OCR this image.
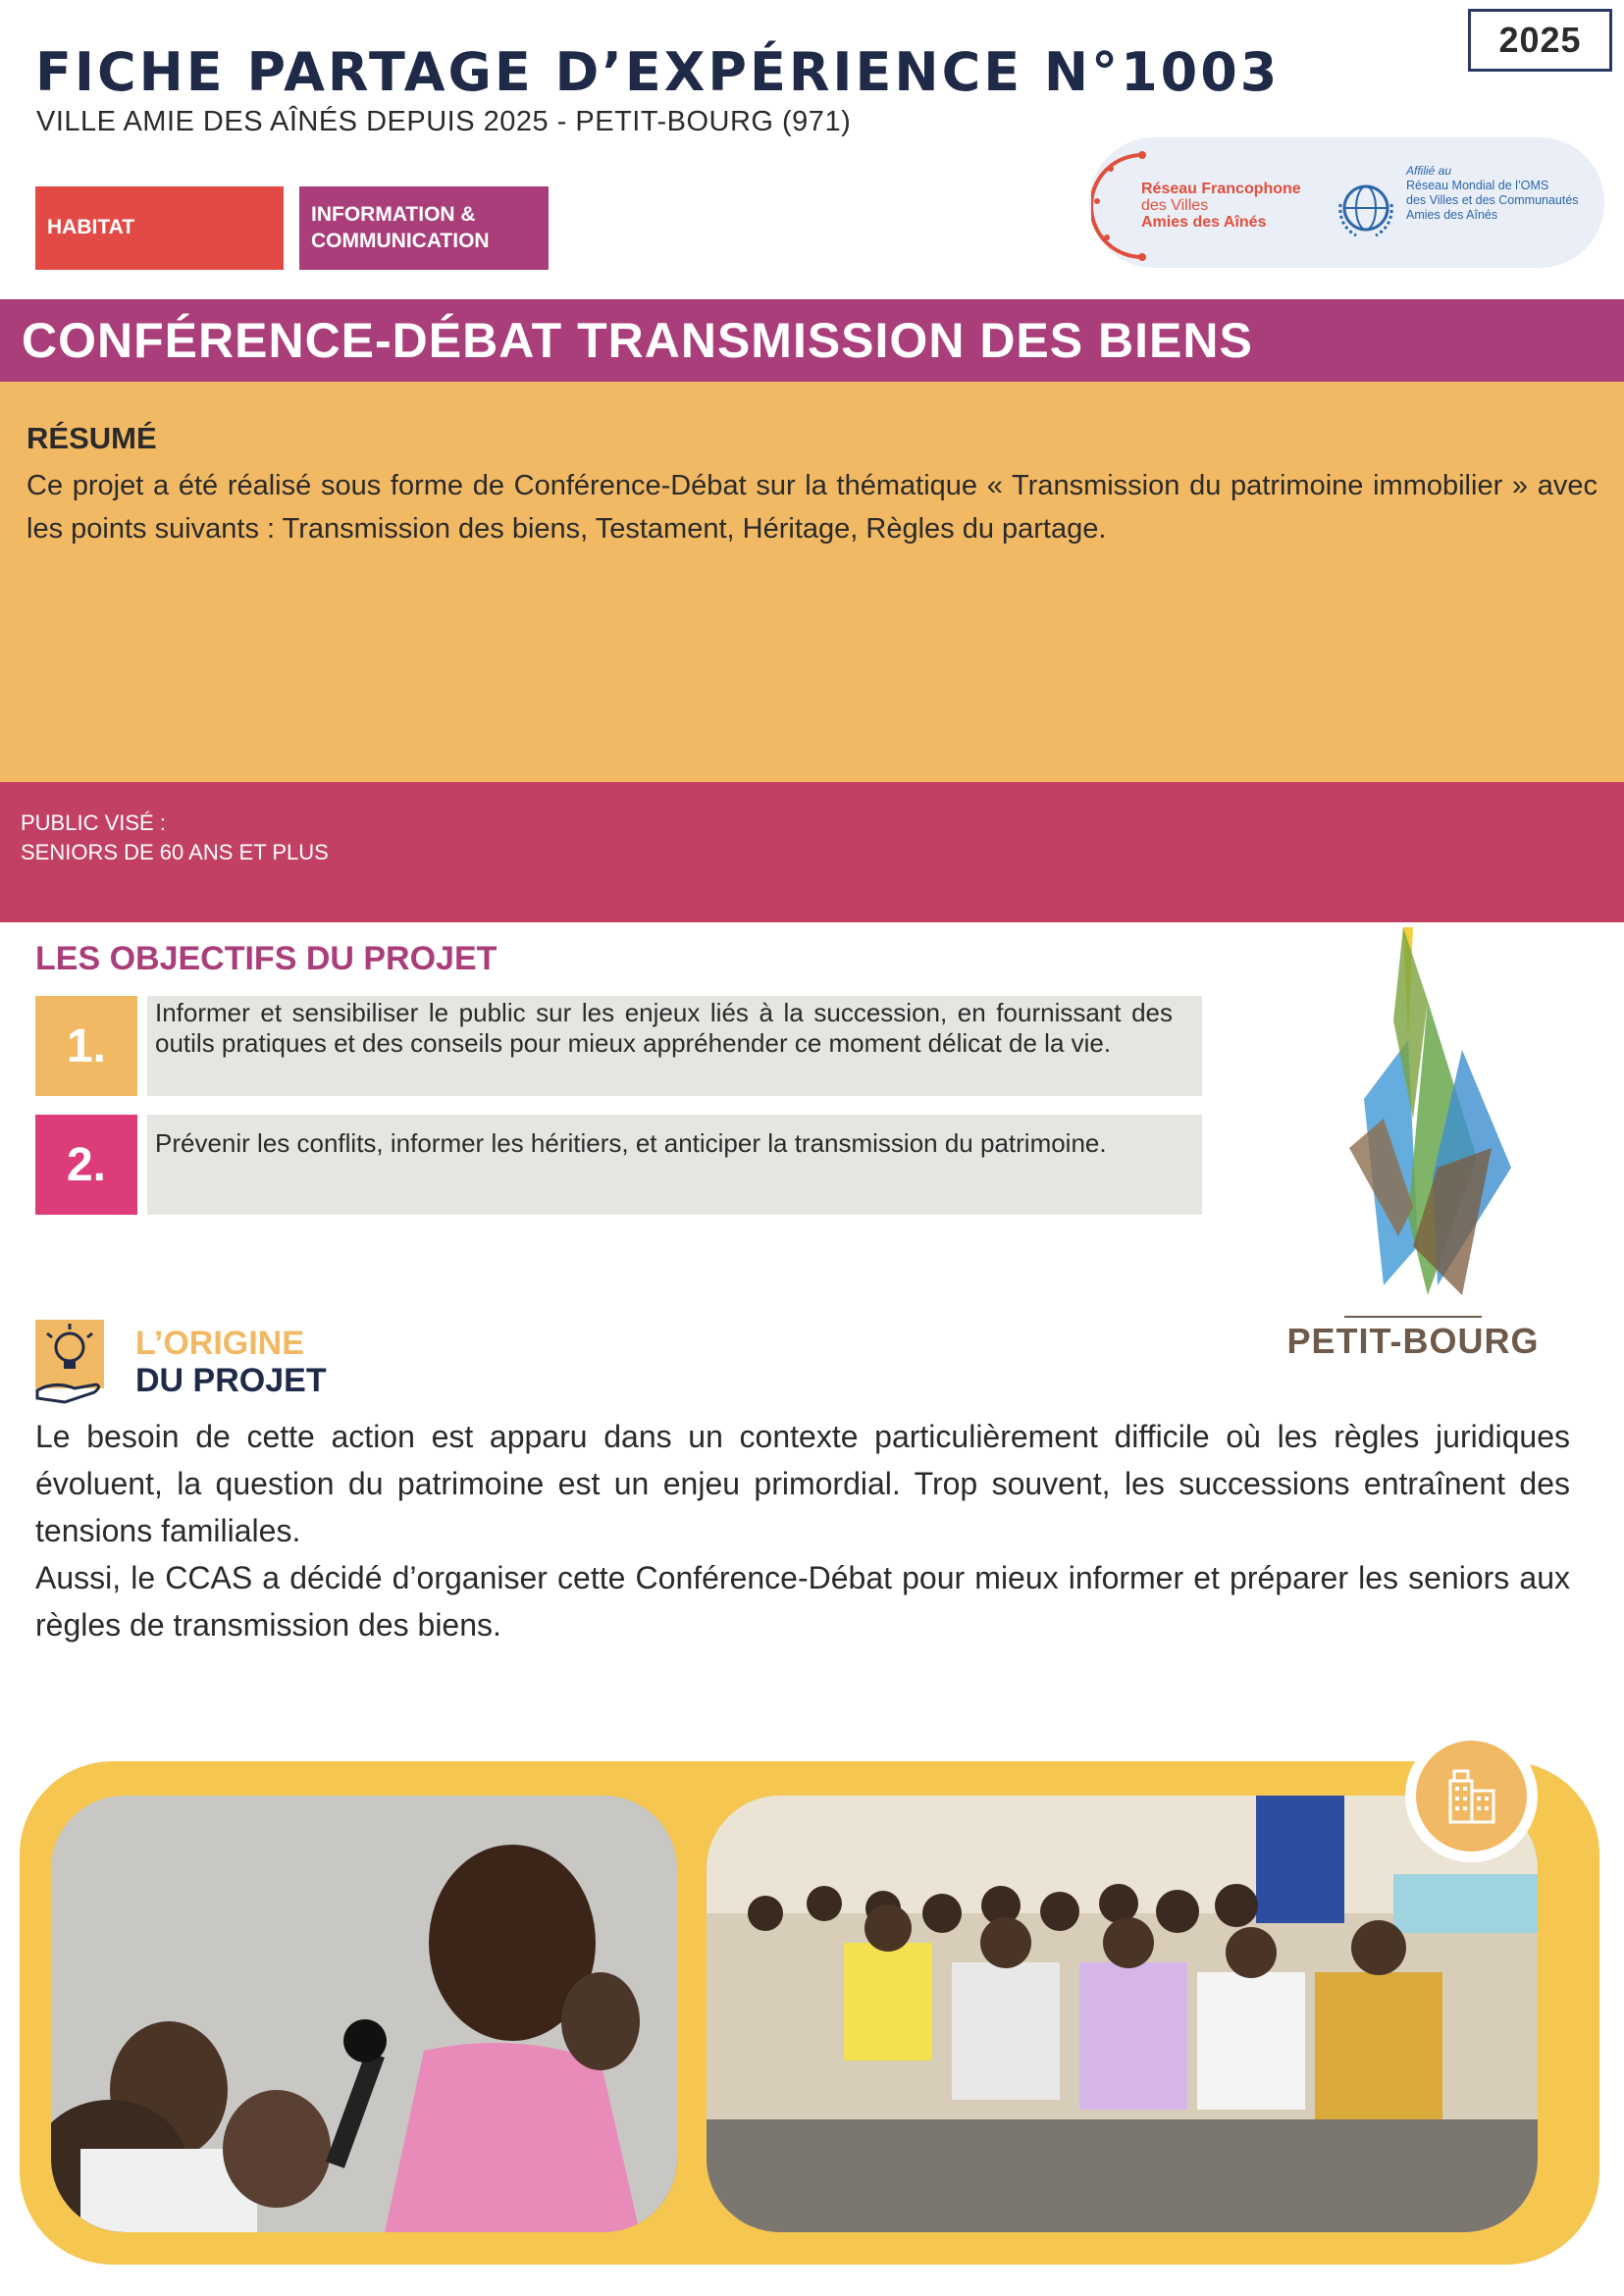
2025
FICHE PARTAGE D’EXPÉRIENCE N°1003
VILLE AMIE DES AÎNÉS DEPUIS 2025 - PETIT-BOURG (971)
HABITAT
INFORMATION &
COMMUNICATION
Réseau Francophone
des Villes
Amies des Aînés
Affilié au
Réseau Mondial de l’OMS
des Villes et des Communautés
Amies des Aînés
CONFÉRENCE-DÉBAT TRANSMISSION DES BIENS
RÉSUMÉ

Ce projet a été réalisé sous forme de Conférence-Débat sur la thématique « Transmission du patrimoine immobilier » avec les points suivants : Transmission des biens, Testament, Héritage, Règles du partage.

PUBLIC VISÉ :
SENIORS DE 60 ANS ET PLUS
LES OBJECTIFS DU PROJET
1.
Informer et sensibiliser le public sur les enjeux liés à la succession, en fournissant des outils pratiques et des conseils pour mieux appréhender ce moment délicat de la vie.
2.	Prévenir les conflits, informer les héritiers, et anticiper la transmission du patrimoine.
PETIT-BOURG
L’ORIGINE
DU PROJET
Le besoin de cette action est apparu dans un contexte particulièrement difficile où les règles juridiques évoluent, la question du patrimoine est un enjeu primordial. Trop souvent, les successions entraînent des tensions familiales.
Aussi, le CCAS a décidé d’organiser cette Conférence-Débat pour mieux informer et préparer les seniors aux règles de transmission des biens.
